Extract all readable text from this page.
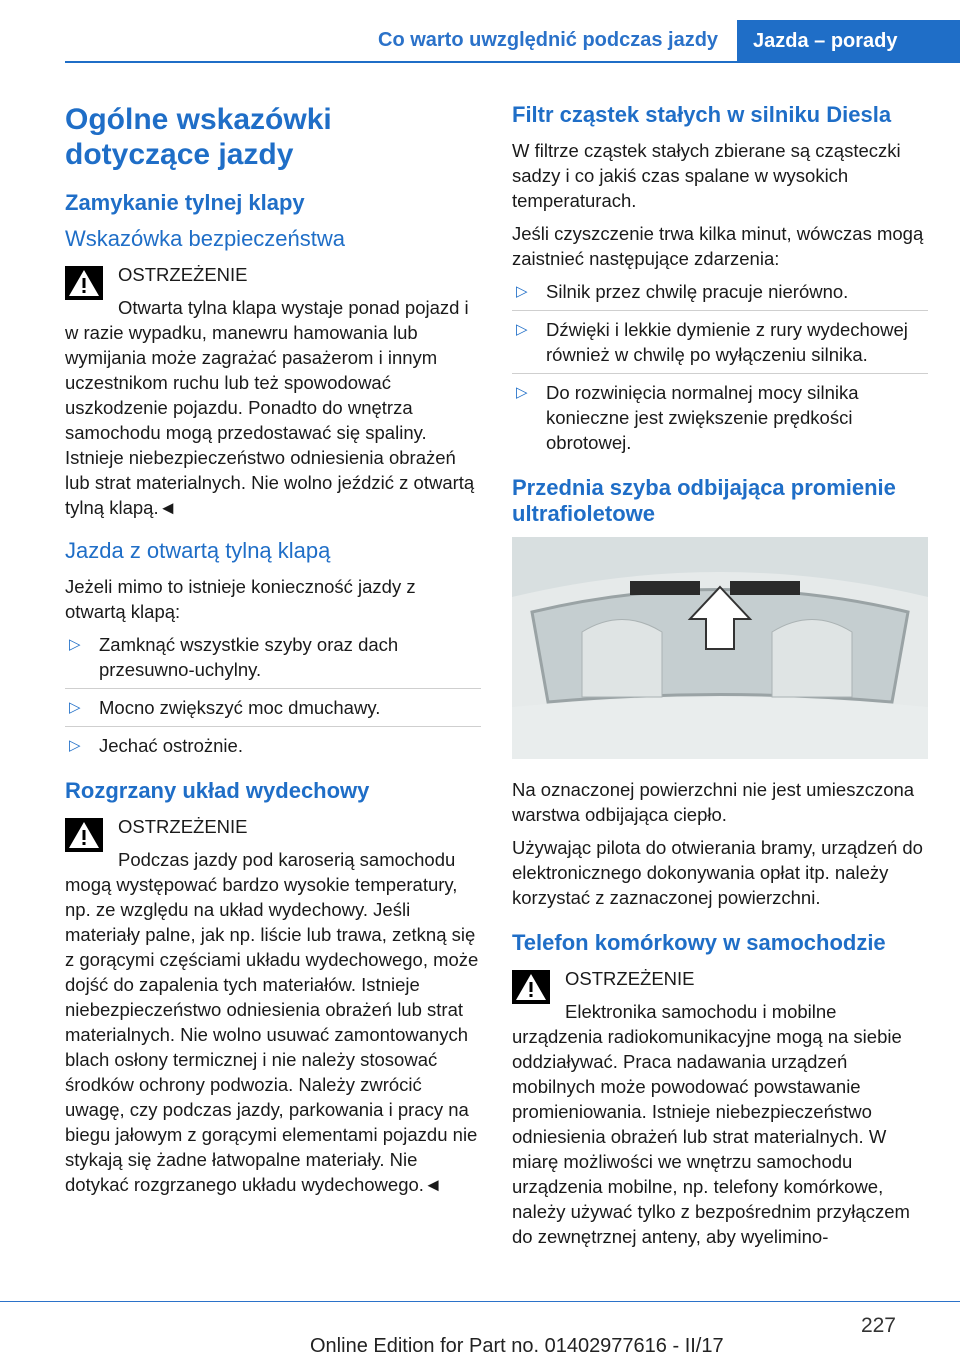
Co warto uwzględnić podczas jazdy	Jazda – porady
Ogólne wskazówki dotyczące jazdy
Zamykanie tylnej klapy
Wskazówka bezpieczeństwa

OSTRZEŻENIE

Otwarta tylna klapa wystaje ponad pojazd i w razie wypadku, manewru hamowania lub wymijania może zagrażać pasażerom i innym uczestnikom ruchu lub też spowodować uszkodzenie pojazdu. Ponadto do wnętrza samochodu mogą przedostawać się spaliny. Istnieje niebezpieczeństwo odniesienia obrażeń lub strat materialnych. Nie wolno jeździć z otwartą tylną klapą.◄

Jazda z otwartą tylną klapą

Jeżeli mimo to istnieje konieczność jazdy z otwartą klapą:

▷ Zamknąć wszystkie szyby oraz dach przesuwno-uchylny.
▷ Mocno zwiększyć moc dmuchawy.
▷ Jechać ostrożnie.
Rozgrzany układ wydechowy

OSTRZEŻENIE

Podczas jazdy pod karoserią samochodu mogą występować bardzo wysokie temperatury, np. ze względu na układ wydechowy. Jeśli materiały palne, jak np. liście lub trawa, zetkną się z gorącymi częściami układu wydechowego, może dojść do zapalenia tych materiałów. Istnieje niebezpieczeństwo odniesienia obrażeń lub strat materialnych. Nie wolno usuwać zamontowanych blach osłony termicznej i nie należy stosować środków ochrony podwozia. Należy zwrócić uwagę, czy podczas jazdy, parkowania i pracy na biegu jałowym z gorącymi elementami pojazdu nie stykają się żadne łatwopalne materiały. Nie dotykać rozgrzanego układu wydechowego.◄

Filtr cząstek stałych w silniku Diesla

W filtrze cząstek stałych zbierane są cząsteczki sadzy i co jakiś czas spalane w wysokich temperaturach.

Jeśli czyszczenie trwa kilka minut, wówczas mogą zaistnieć następujące zdarzenia:

▷ Silnik przez chwilę pracuje nierówno.
▷ Dźwięki i lekkie dymienie z rury wydechowej również w chwilę po wyłączeniu silnika.
▷ Do rozwinięcia normalnej mocy silnika konieczne jest zwiększenie prędkości obrotowej.
Przednia szyba odbijająca promienie ultrafioletowe

Na oznaczonej powierzchni nie jest umieszczona warstwa odbijająca ciepło.

Używając pilota do otwierania bramy, urządzeń do elektronicznego dokonywania opłat itp. należy korzystać z zaznaczonej powierzchni.

Telefon komórkowy w samochodzie

OSTRZEŻENIE

Elektronika samochodu i mobilne urządzenia radiokomunikacyjne mogą na siebie oddziaływać. Praca nadawania urządzeń mobilnych może powodować powstawanie promieniowania. Istnieje niebezpieczeństwo odniesienia obrażeń lub strat materialnych. W miarę możliwości we wnętrzu samochodu urządzenia mobilne, np. telefony komórkowe, należy używać tylko z bezpośrednim przyłączem do zewnętrznej anteny, aby wyelimino-

227
Online Edition for Part no. 01402977616 - II/17
